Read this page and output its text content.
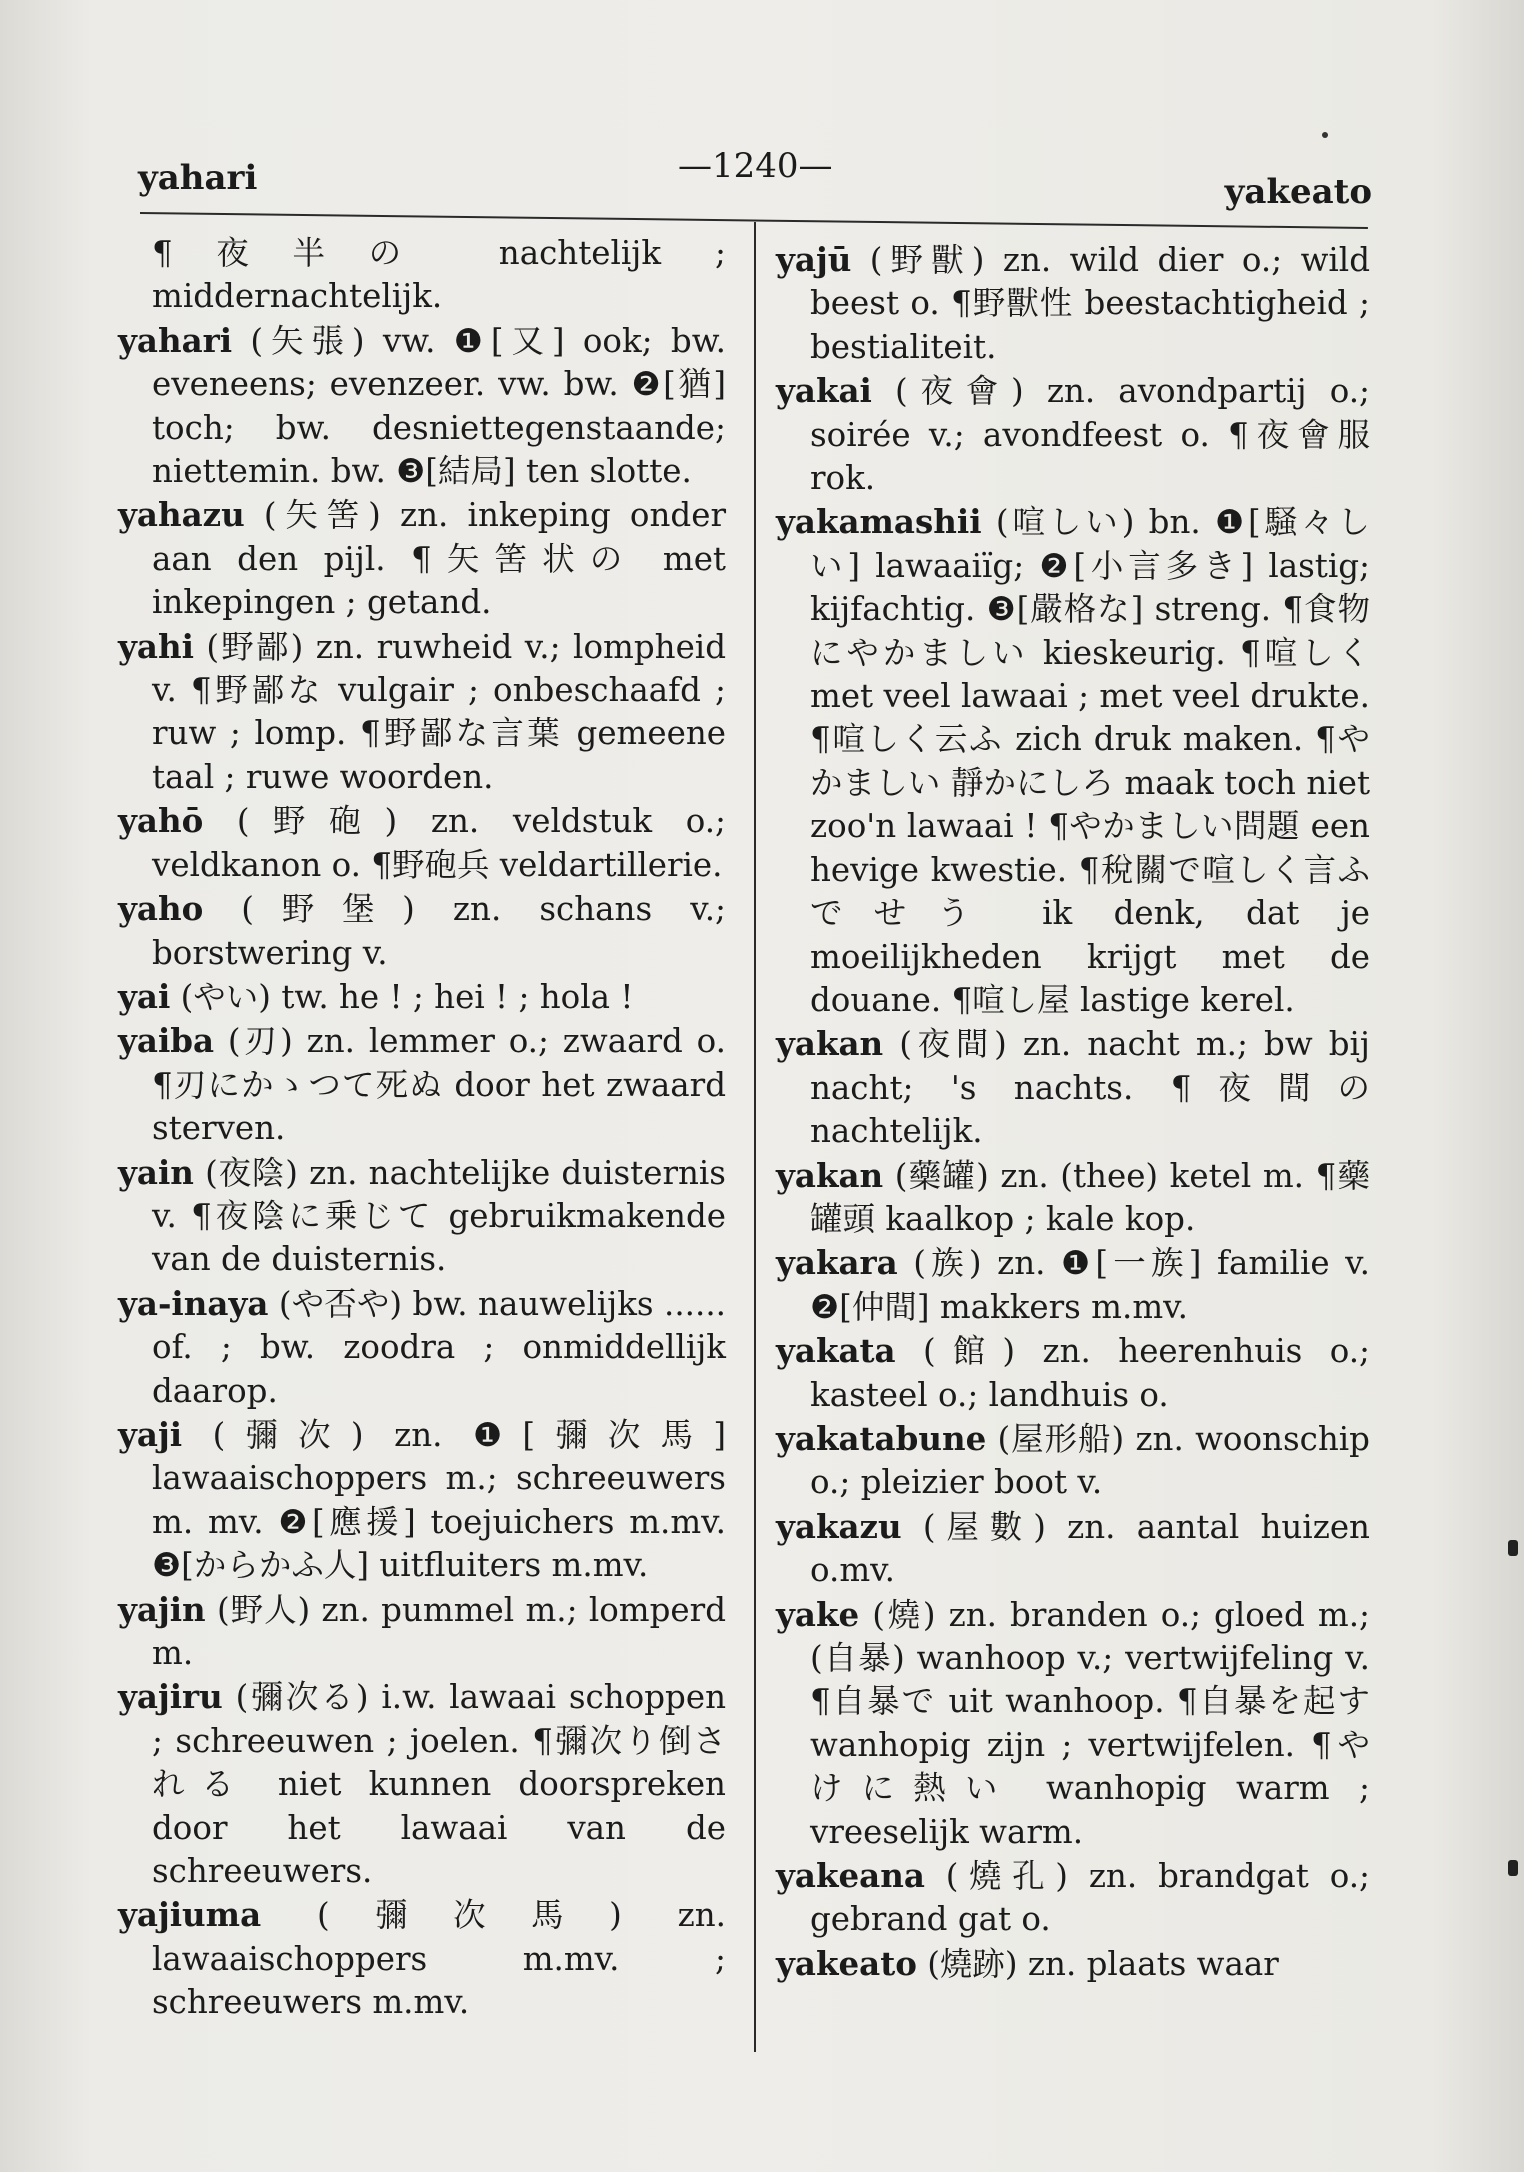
yahari	—1240—
yakeato

¶夜半の nachtelijk ; middernachtelijk.

yahari (矢張) vw. ❶[又] ook; bw. eveneens; evenzeer. vw. bw. ❷[猶] toch; bw. desniettegenstaande; niettemin. bw. ❸[結局] ten slotte.

yahazu (矢筈) zn. inkeping onder aan den pijl. ¶矢筈状の met inkepingen ; getand.

yahi (野鄙) zn. ruwheid v.; lompheid v. ¶野鄙な vulgair ; onbeschaafd ; ruw ; lomp. ¶野鄙な言葉 gemeene taal ; ruwe woorden.

yahō (野砲) zn. veldstuk o.; veldkanon o. ¶野砲兵 veldartillerie.

yaho (野堡) zn. schans v.; borstwering v.

yai (やい) tw. he ! ; hei ! ; hola !

yaiba (刃) zn. lemmer o.; zwaard o. ¶刃にかゝつて死ぬ door het zwaard sterven.

yain (夜陰) zn. nachtelijke duisternis v. ¶夜陰に乗じて gebruikmakende van de duisternis.

ya-inaya (や否や) bw. nauwelijks ...... of. ; bw. zoodra ; onmiddellijk daarop.

yaji (彌次) zn. ❶[彌次馬] lawaaischoppers m.; schreeuwers m. mv. ❷[應援] toejuichers m.mv. ❸[からかふ人] uitfluiters m.mv.

yajin (野人) zn. pummel m.; lomperd m.

yajiru (彌次る) i.w. lawaai schoppen ; schreeuwen ; joelen. ¶彌次り倒される niet kunnen doorspreken door het lawaai van de schreeuwers.

yajiuma (彌次馬) zn. lawaaischoppers m.mv. ; schreeuwers m.mv.

yajū (野獸) zn. wild dier o.; wild beest o. ¶野獸性 beestachtigheid ; bestialiteit.

yakai (夜會) zn. avondpartij o.; soirée v.; avondfeest o. ¶夜會服 rok.

yakamashii (喧しい) bn. ❶[騒々しい] lawaaiïg; ❷[小言多き] lastig; kijfachtig. ❸[嚴格な] streng. ¶食物にやかましい kieskeurig. ¶喧しく met veel lawaai ; met veel drukte. ¶喧しく云ふ zich druk maken. ¶やかましい 靜かにしろ maak toch niet zoo'n lawaai ! ¶やかましい問題 een hevige kwestie. ¶稅關で喧しく言ふでせう ik denk, dat je moeilijkheden krijgt met de douane. ¶喧し屋 lastige kerel.

yakan (夜間) zn. nacht m.; bw bij nacht; 's nachts. ¶夜間の nachtelijk.

yakan (藥罐) zn. (thee) ketel m. ¶藥罐頭 kaalkop ; kale kop.

yakara (族) zn. ❶[一族] familie v. ❷[仲間] makkers m.mv.

yakata (館) zn. heerenhuis o.; kasteel o.; landhuis o.

yakatabune (屋形船) zn. woonschip o.; pleizier boot v.

yakazu (屋數) zn. aantal huizen o.mv.

yake (燒) zn. branden o.; gloed m.; (自暴) wanhoop v.; vertwijfeling v. ¶自暴で uit wanhoop. ¶自暴を起す wanhopig zijn ; vertwijfelen. ¶やけに熱い wanhopig warm ; vreeselijk warm.

yakeana (燒孔) zn. brandgat o.; gebrand gat o.

yakeato (燒跡) zn. plaats waar
